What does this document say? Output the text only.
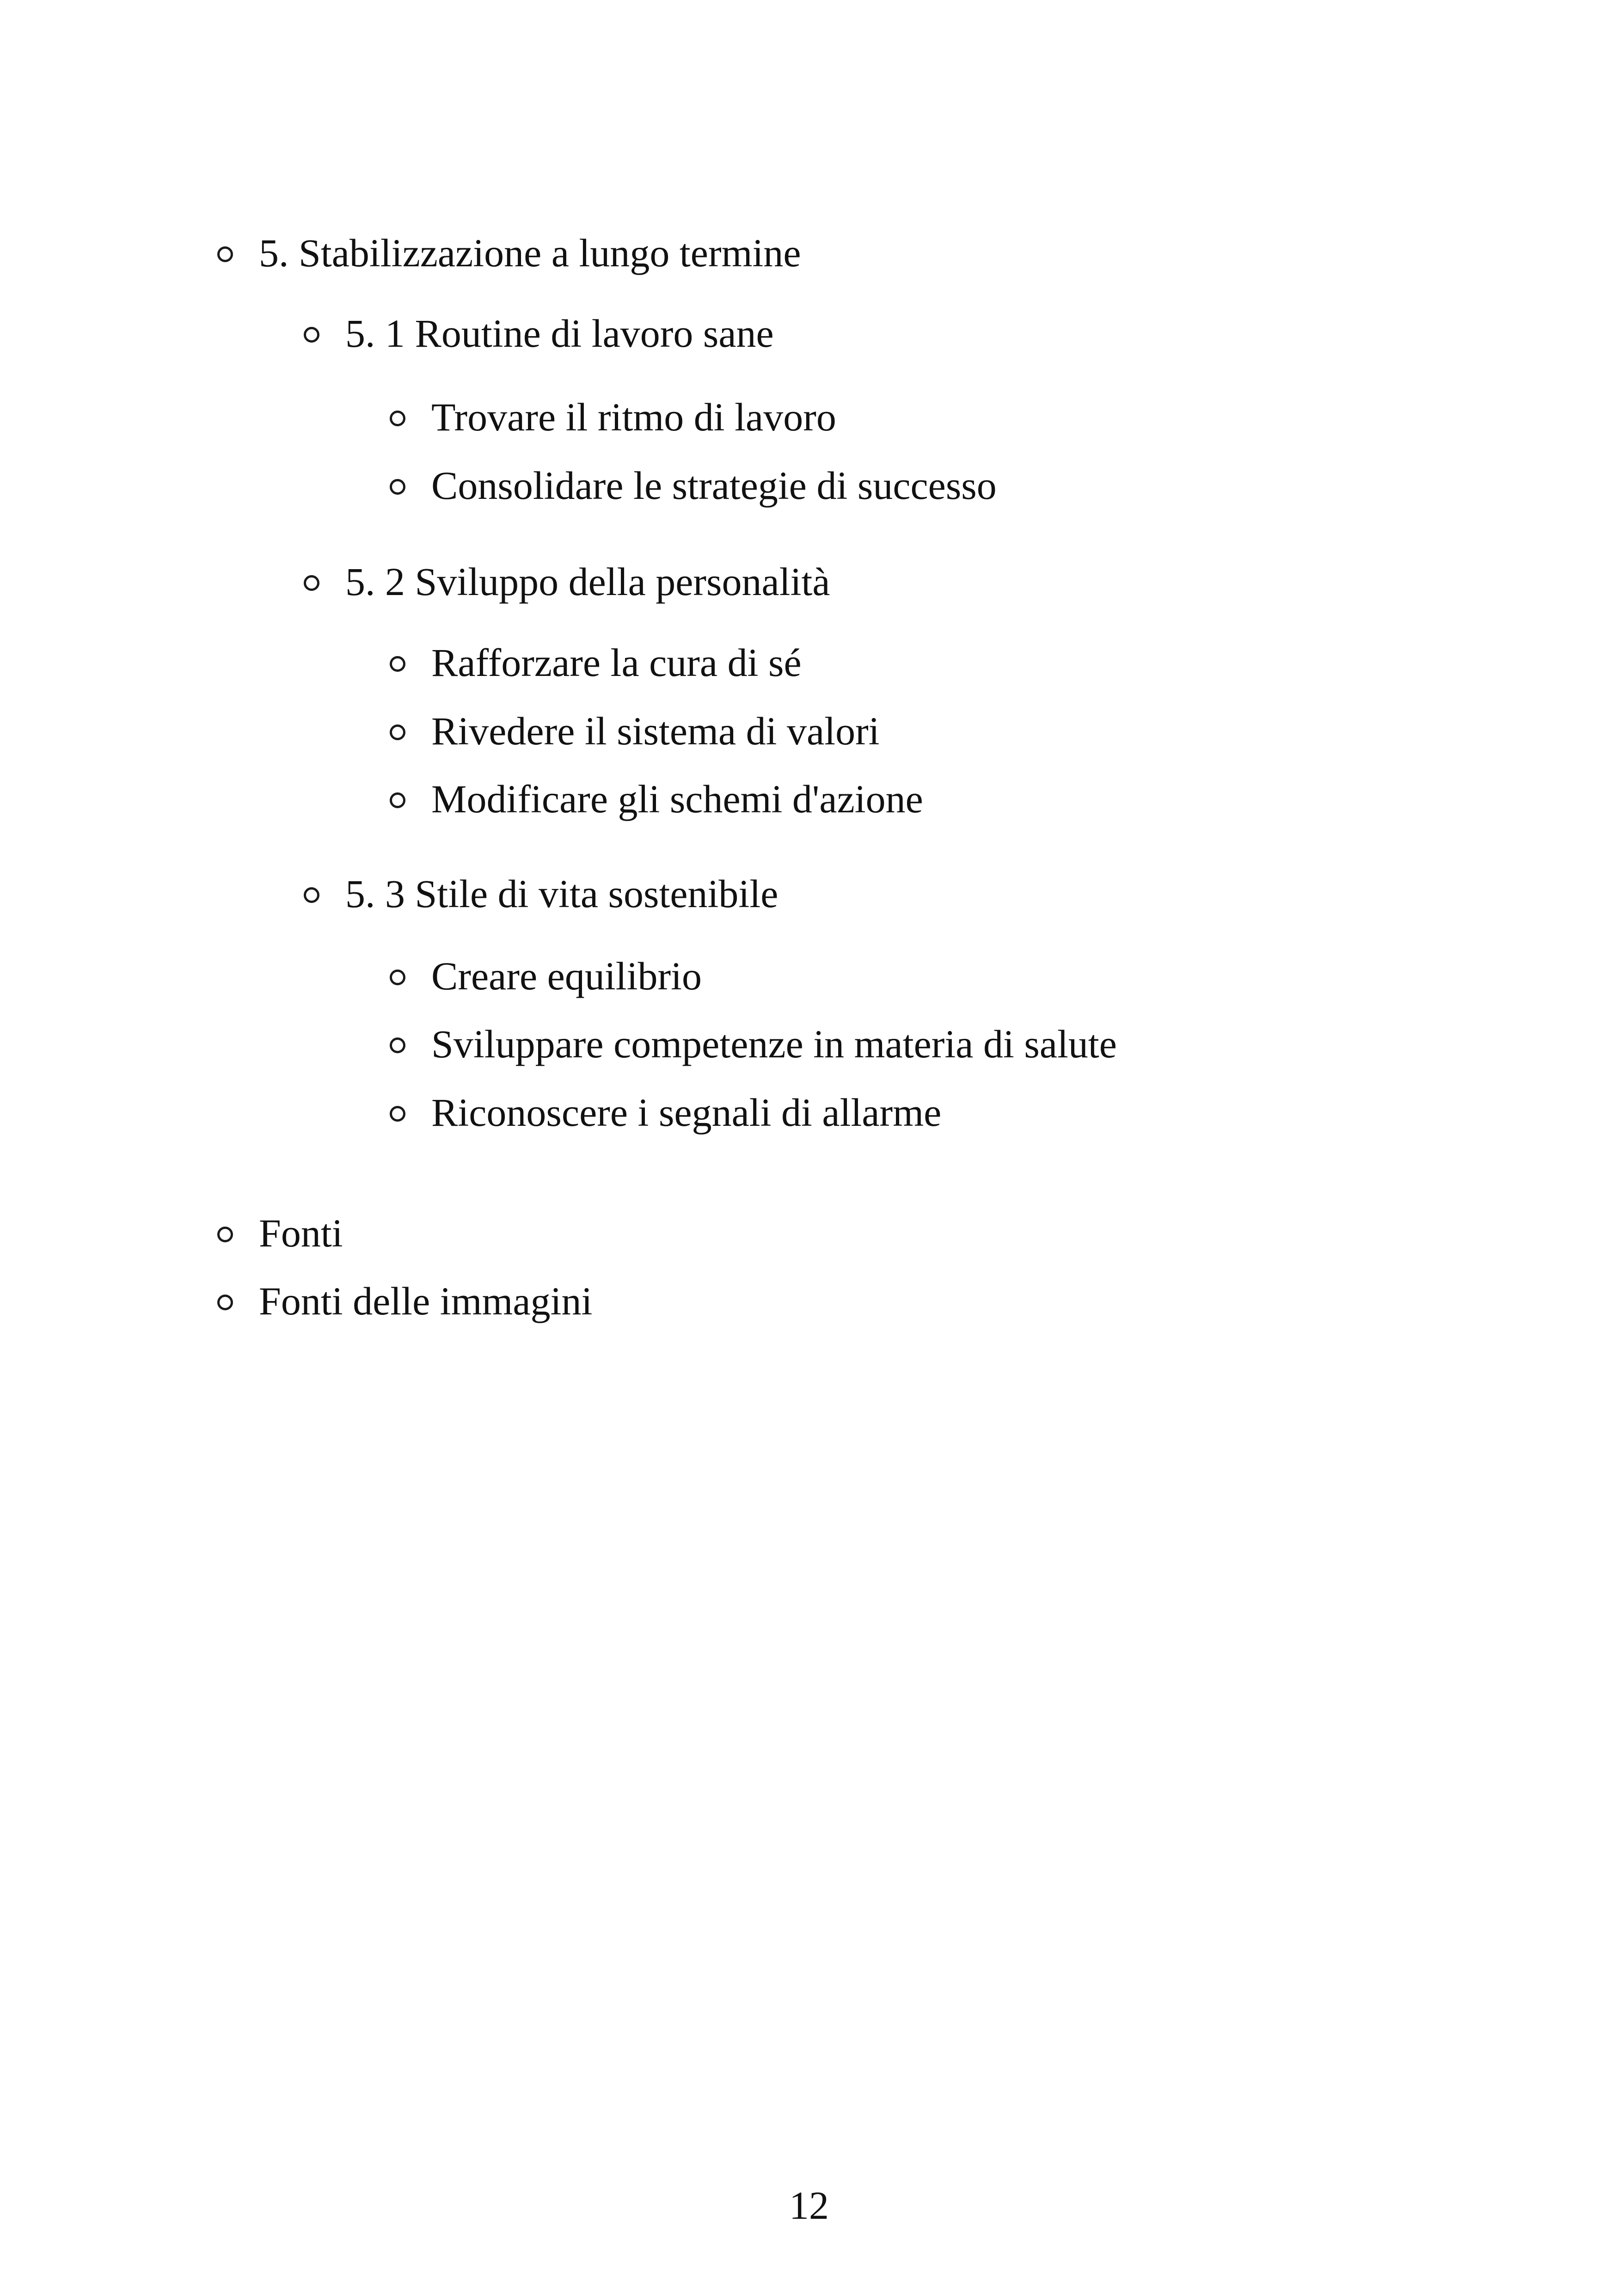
5. Stabilizzazione a lungo termine
5. 1 Routine di lavoro sane
Trovare il ritmo di lavoro
Consolidare le strategie di successo
5. 2 Sviluppo della personalità
Rafforzare la cura di sé
Rivedere il sistema di valori
Modificare gli schemi d'azione
5. 3 Stile di vita sostenibile
Creare equilibrio
Sviluppare competenze in materia di salute
Riconoscere i segnali di allarme
Fonti
Fonti delle immagini
12
